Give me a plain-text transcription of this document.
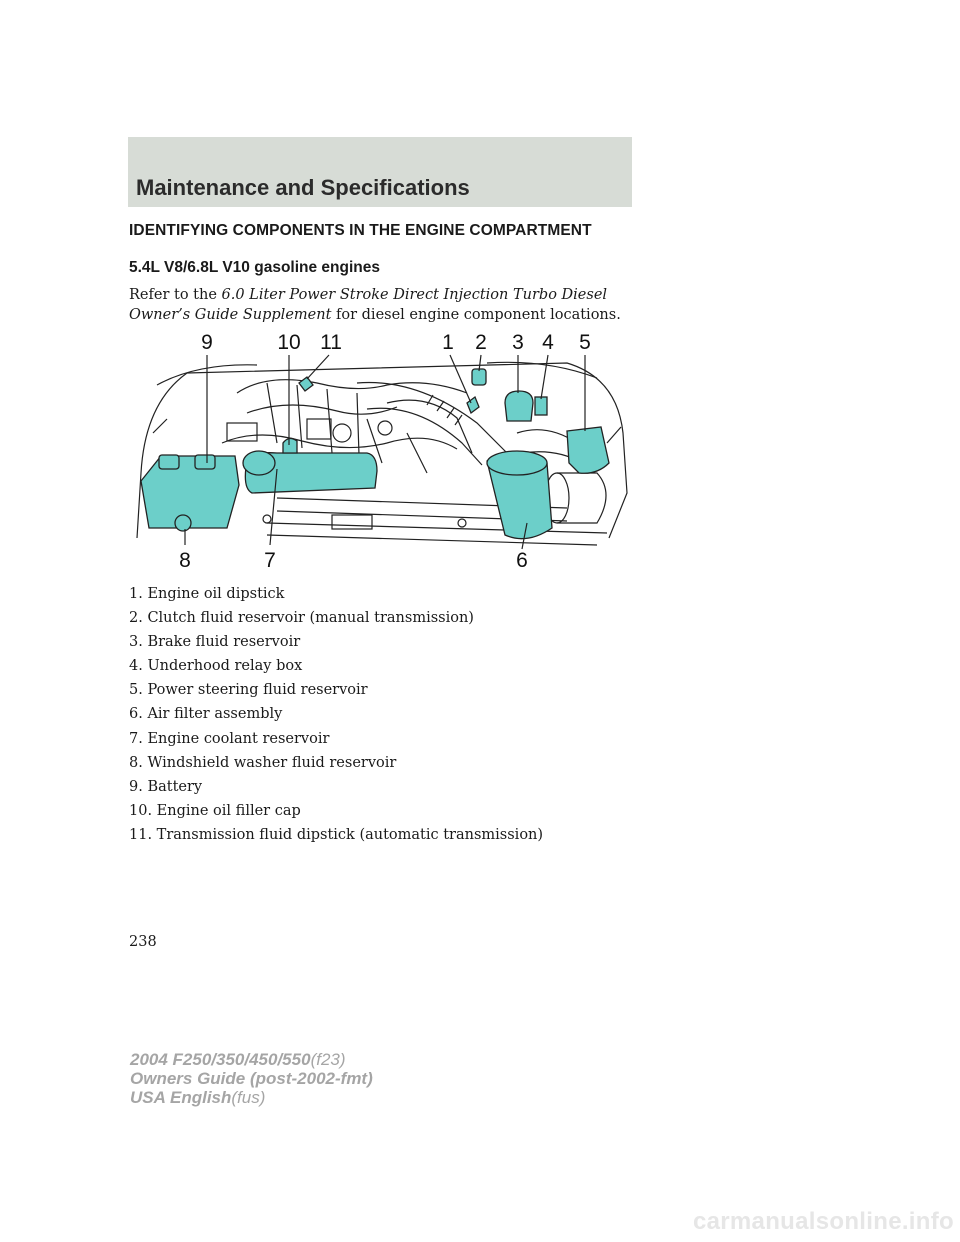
Maintenance and Specifications
IDENTIFYING COMPONENTS IN THE ENGINE COMPARTMENT
5.4L V8/6.8L V10 gasoline engines
Refer to the 6.0 Liter Power Stroke Direct Injection Turbo Diesel Owner’s Guide Supplement for diesel engine component locations.
9	10 11	1 2 3 4 5
6
7
8
1. Engine oil dipstick
2. Clutch fluid reservoir (manual transmission)
3. Brake fluid reservoir
4. Underhood relay box
5. Power steering fluid reservoir
6. Air filter assembly
7. Engine coolant reservoir
8. Windshield washer fluid reservoir
9. Battery
10. Engine oil filler cap
11. Transmission fluid dipstick (automatic transmission)
238
2004 F250/350/450/550(f23)
Owners Guide (post-2002-fmt)
USA English(fus)
carmanualsonline.info
